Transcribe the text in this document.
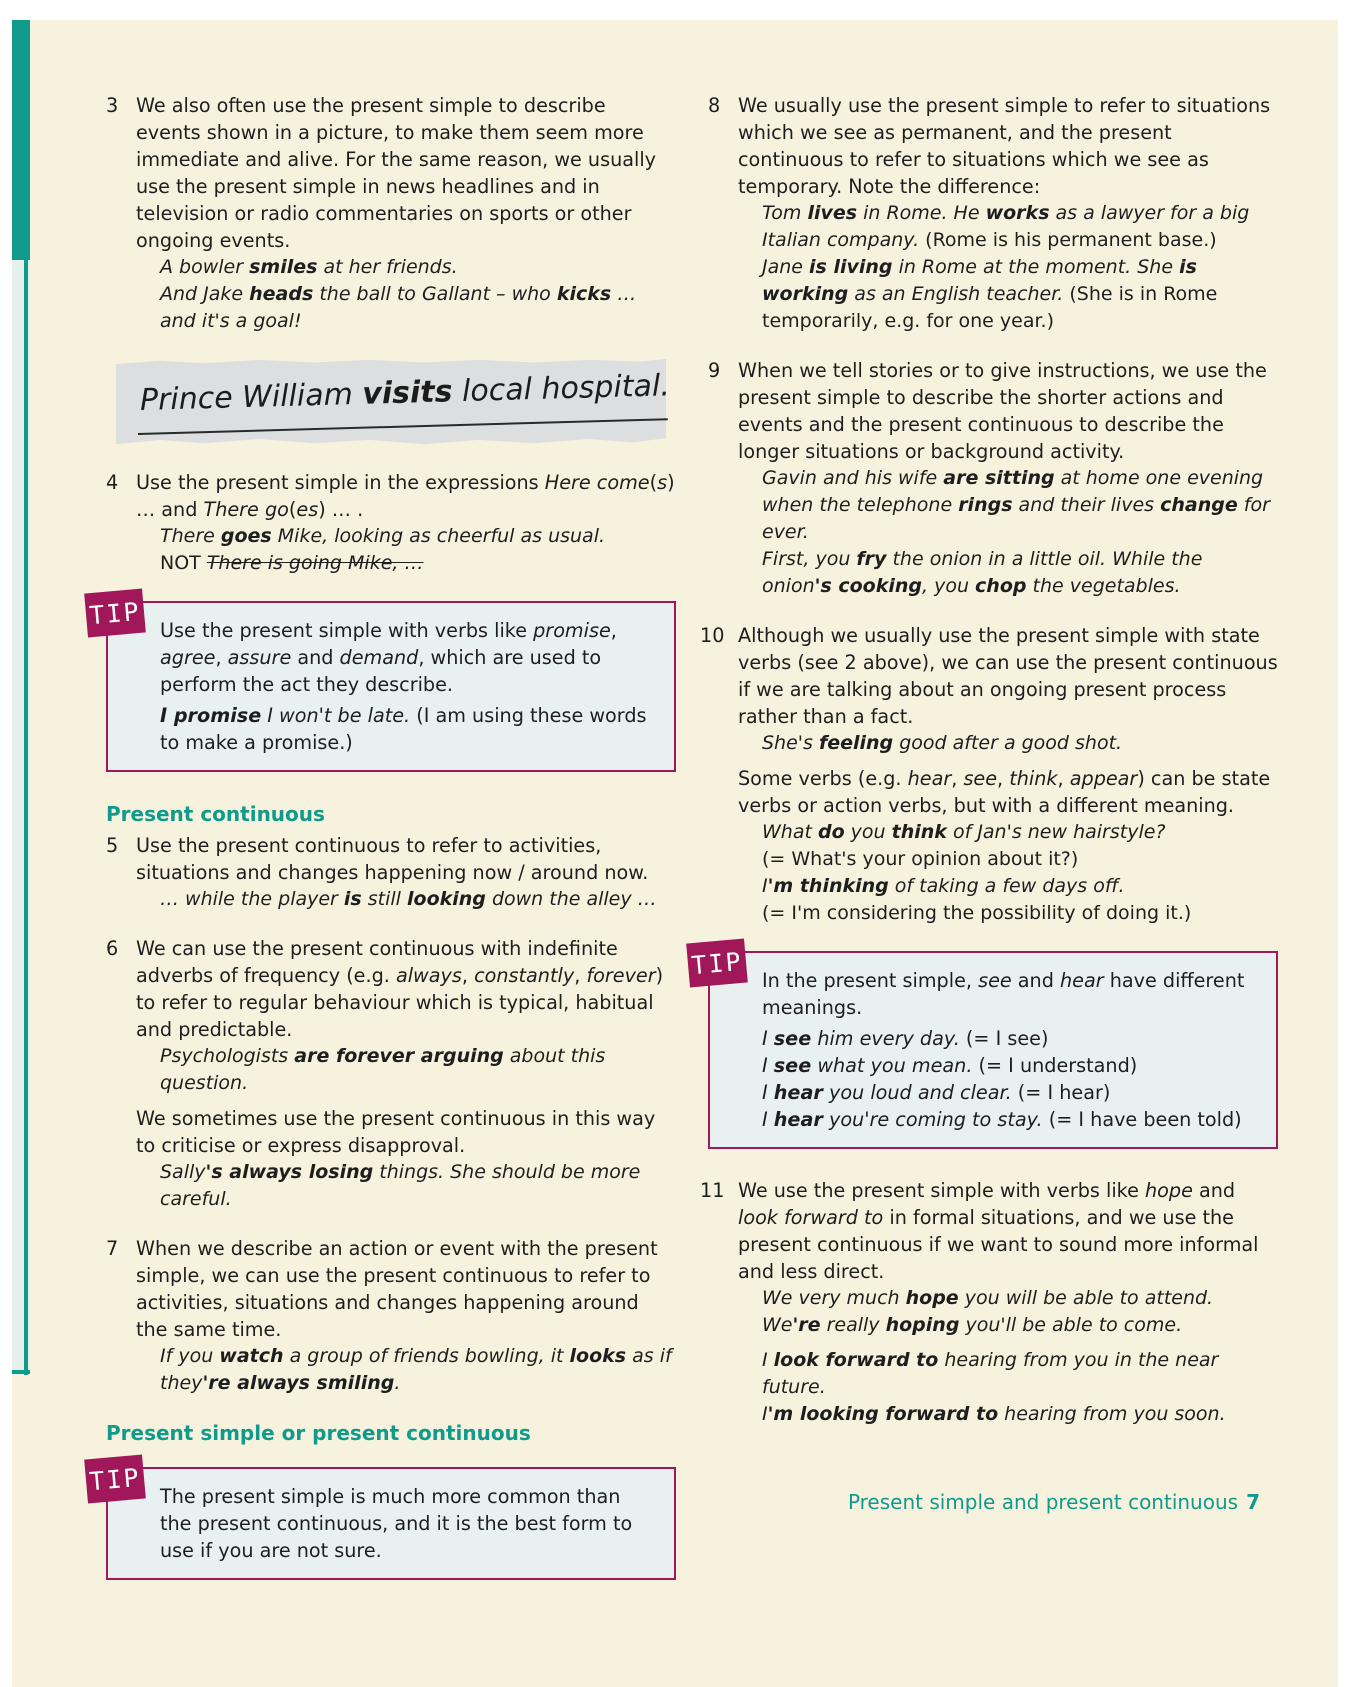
3 We also often use the present simple to describe events shown in a picture, to make them seem more immediate and alive. For the same reason, we usually use the present simple in news headlines and in television or radio commentaries on sports or other ongoing events.
A bowler smiles at her friends.
And Jake heads the ball to Gallant – who kicks … and it's a goal!
Prince William visits local hospital.
4 Use the present simple in the expressions Here come(s) … and There go(es) … .
There goes Mike, looking as cheerful as usual.
NOT There is going Mike, …
TIP
Use the present simple with verbs like promise, agree, assure and demand, which are used to perform the act they describe.
I promise I won't be late. (I am using these words to make a promise.)
Present continuous
5 Use the present continuous to refer to activities, situations and changes happening now / around now.
… while the player is still looking down the alley …
6 We can use the present continuous with indefinite adverbs of frequency (e.g. always, constantly, forever) to refer to regular behaviour which is typical, habitual and predictable.
Psychologists are forever arguing about this question.
We sometimes use the present continuous in this way to criticise or express disapproval.
Sally's always losing things. She should be more careful.
7 When we describe an action or event with the present simple, we can use the present continuous to refer to activities, situations and changes happening around the same time.
If you watch a group of friends bowling, it looks as if they're always smiling.
Present simple or present continuous
TIP
The present simple is much more common than the present continuous, and it is the best form to use if you are not sure.
8 We usually use the present simple to refer to situations which we see as permanent, and the present continuous to refer to situations which we see as temporary. Note the difference:
Tom lives in Rome. He works as a lawyer for a big Italian company. (Rome is his permanent base.)
Jane is living in Rome at the moment. She is working as an English teacher. (She is in Rome temporarily, e.g. for one year.)
9 When we tell stories or to give instructions, we use the present simple to describe the shorter actions and events and the present continuous to describe the longer situations or background activity.
Gavin and his wife are sitting at home one evening when the telephone rings and their lives change for ever.
First, you fry the onion in a little oil. While the onion's cooking, you chop the vegetables.
10 Although we usually use the present simple with state verbs (see 2 above), we can use the present continuous if we are talking about an ongoing present process rather than a fact.
She's feeling good after a good shot.
Some verbs (e.g. hear, see, think, appear) can be state verbs or action verbs, but with a different meaning.
What do you think of Jan's new hairstyle?
(= What's your opinion about it?)
I'm thinking of taking a few days off.
(= I'm considering the possibility of doing it.)
TIP
In the present simple, see and hear have different meanings.
I see him every day. (= I see)
I see what you mean. (= I understand)
I hear you loud and clear. (= I hear)
I hear you're coming to stay. (= I have been told)
11 We use the present simple with verbs like hope and look forward to in formal situations, and we use the present continuous if we want to sound more informal and less direct.
We very much hope you will be able to attend.
We're really hoping you'll be able to come.
I look forward to hearing from you in the near future.
I'm looking forward to hearing from you soon.
Present simple and present continuous 7
